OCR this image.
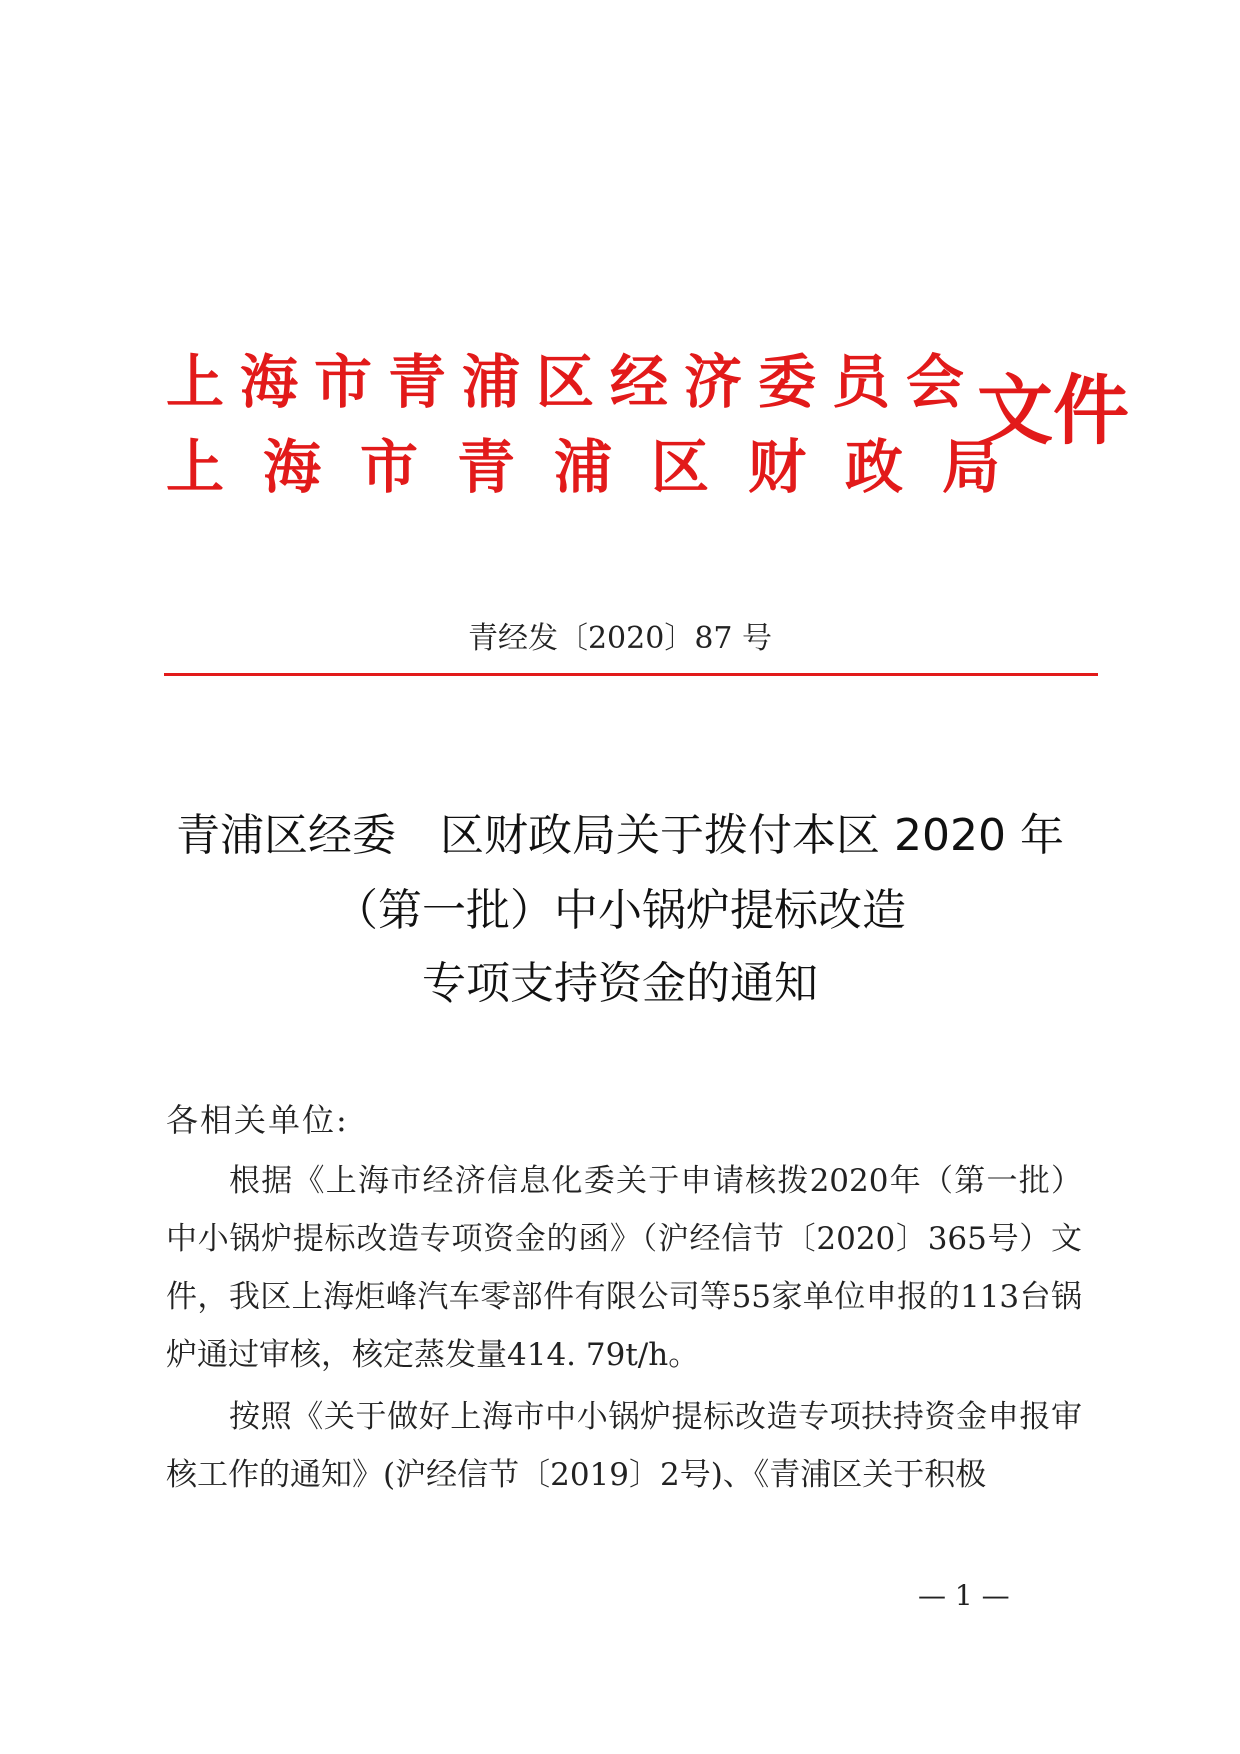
上海市青浦区经济委员会
上海市青浦区财政局
文件
青经发〔2020〕87 号
青浦区经委　区财政局关于拨付本区 2020 年
（第一批）中小锅炉提标改造
专项支持资金的通知
各相关单位:

根据《上海市经济信息化委关于申请核拨2020年（第一批）中小锅炉提标改造专项资金的函》（沪经信节〔2020〕365号）文件，我区上海炬峰汽车零部件有限公司等55家单位申报的113台锅炉通过审核，核定蒸发量414. 79t/h。

按照《关于做好上海市中小锅炉提标改造专项扶持资金申报审核工作的通知》(沪经信节〔2019〕2号)、《青浦区关于积极

— 1 —
